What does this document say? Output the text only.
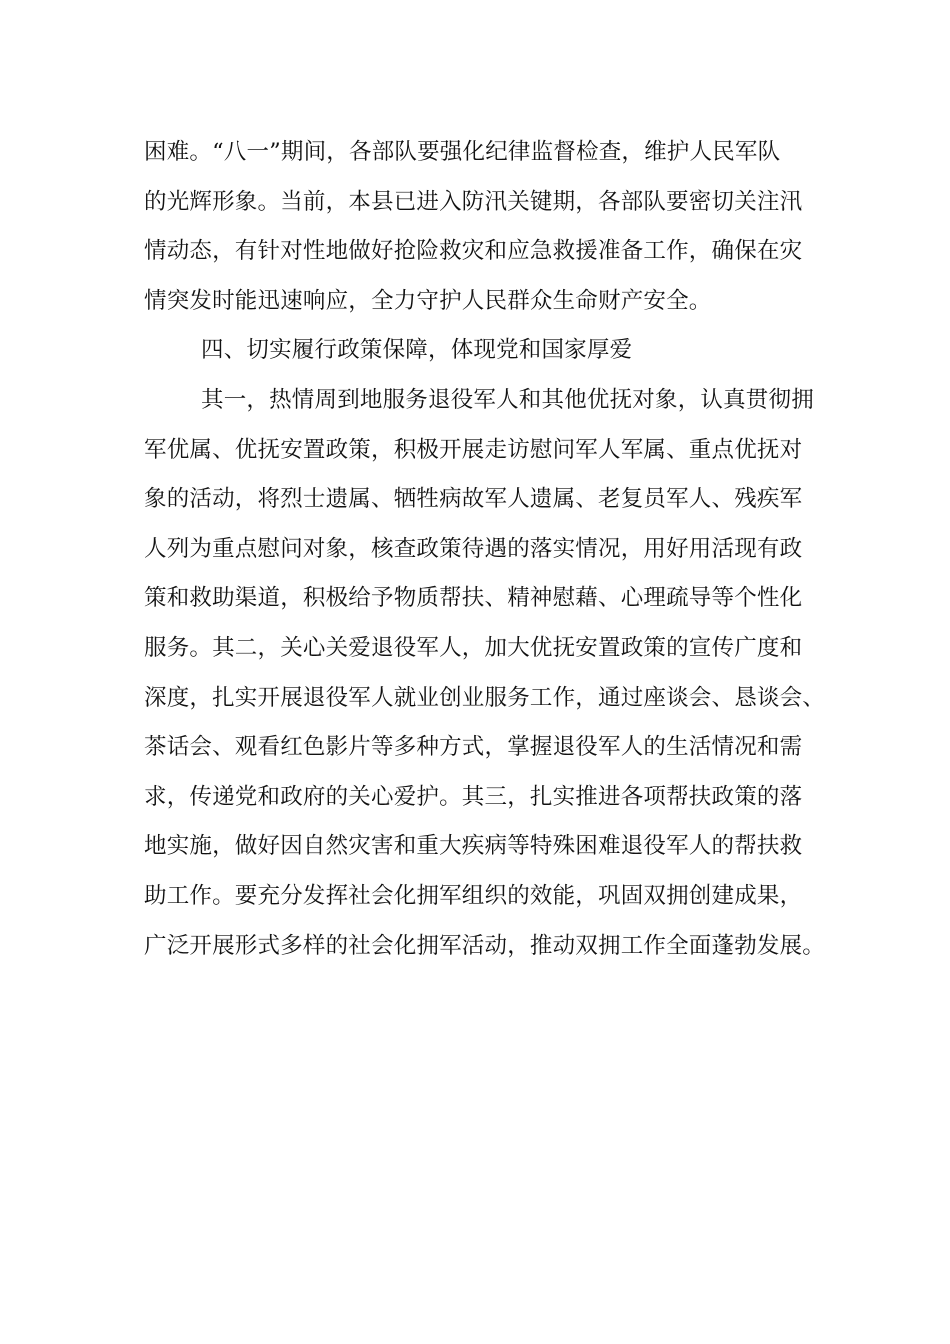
困难。“八一”期间，各部队要强化纪律监督检查，维护人民军队
的光辉形象。当前，本县已进入防汛关键期，各部队要密切关注汛
情动态，有针对性地做好抢险救灾和应急救援准备工作，确保在灾
情突发时能迅速响应，全力守护人民群众生命财产安全。
四、切实履行政策保障，体现党和国家厚爱
其一，热情周到地服务退役军人和其他优抚对象，认真贯彻拥
军优属、优抚安置政策，积极开展走访慰问军人军属、重点优抚对
象的活动，将烈士遗属、牺牲病故军人遗属、老复员军人、残疾军
人列为重点慰问对象，核查政策待遇的落实情况，用好用活现有政
策和救助渠道，积极给予物质帮扶、精神慰藉、心理疏导等个性化
服务。其二，关心关爱退役军人，加大优抚安置政策的宣传广度和
深度，扎实开展退役军人就业创业服务工作，通过座谈会、恳谈会、
茶话会、观看红色影片等多种方式，掌握退役军人的生活情况和需
求，传递党和政府的关心爱护。其三，扎实推进各项帮扶政策的落
地实施，做好因自然灾害和重大疾病等特殊困难退役军人的帮扶救
助工作。要充分发挥社会化拥军组织的效能，巩固双拥创建成果，
广泛开展形式多样的社会化拥军活动，推动双拥工作全面蓬勃发展。
